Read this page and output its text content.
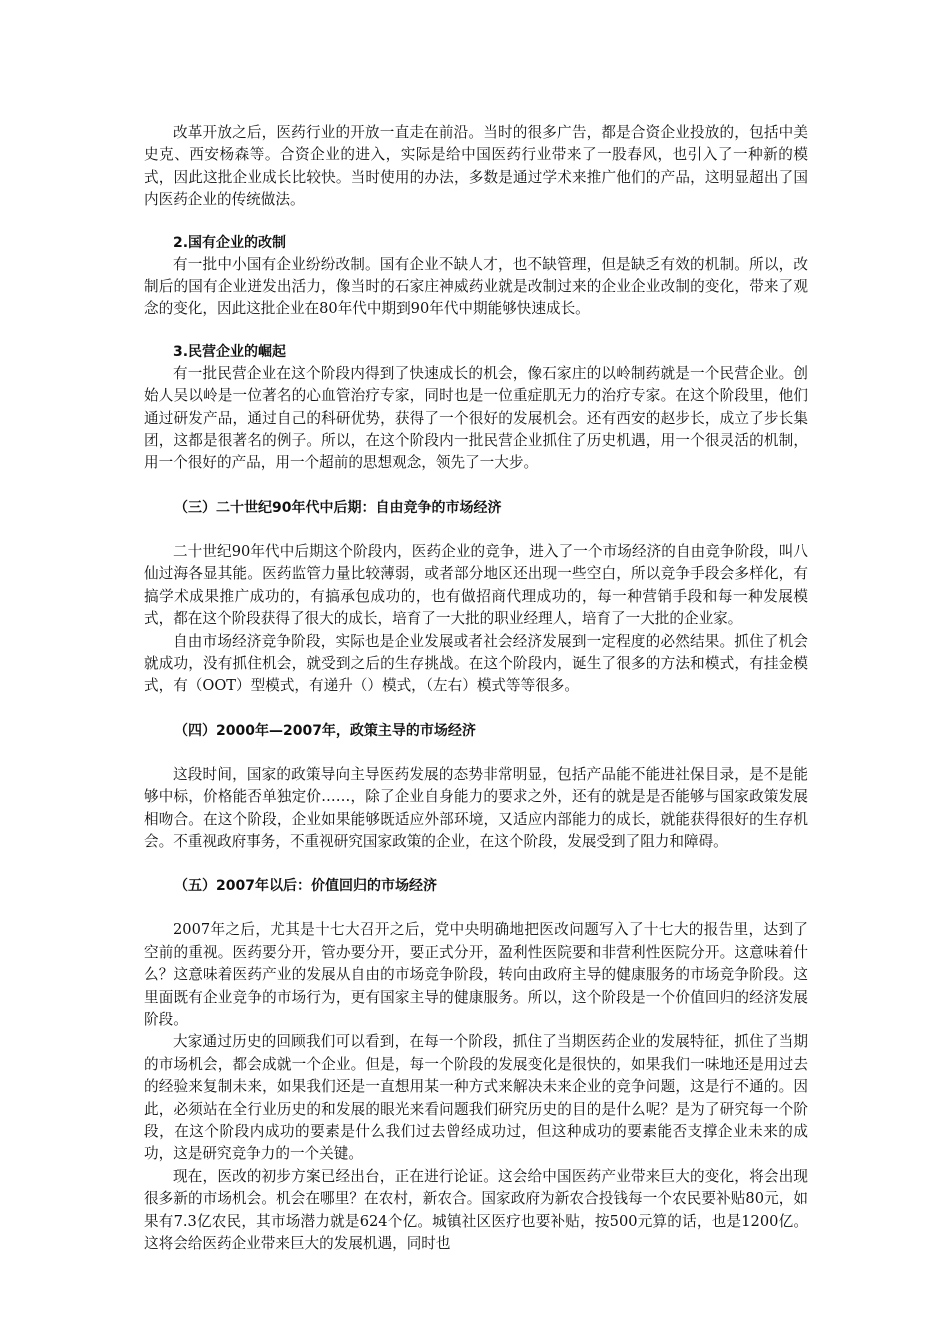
改革开放之后，医药行业的开放一直走在前沿。当时的很多广告，都是合资企业投放的，包括中美史克、西安杨森等。合资企业的进入，实际是给中国医药行业带来了一股春风，也引入了一种新的模式，因此这批企业成长比较快。当时使用的办法，多数是通过学术来推广他们的产品，这明显超出了国内医药企业的传统做法。

2.国有企业的改制

有一批中小国有企业纷纷改制。国有企业不缺人才，也不缺管理，但是缺乏有效的机制。所以，改制后的国有企业迸发出活力，像当时的石家庄神威药业就是改制过来的企业企业改制的变化，带来了观念的变化，因此这批企业在80年代中期到90年代中期能够快速成长。

3.民营企业的崛起

有一批民营企业在这个阶段内得到了快速成长的机会，像石家庄的以岭制药就是一个民营企业。创始人吴以岭是一位著名的心血管治疗专家，同时也是一位重症肌无力的治疗专家。在这个阶段里，他们通过研发产品，通过自己的科研优势，获得了一个很好的发展机会。还有西安的赵步长，成立了步长集团，这都是很著名的例子。所以，在这个阶段内一批民营企业抓住了历史机遇，用一个很灵活的机制，用一个很好的产品，用一个超前的思想观念，领先了一大步。

（三）二十世纪90年代中后期：自由竞争的市场经济

二十世纪90年代中后期这个阶段内，医药企业的竞争，进入了一个市场经济的自由竞争阶段，叫八仙过海各显其能。医药监管力量比较薄弱，或者部分地区还出现一些空白，所以竞争手段会多样化，有搞学术成果推广成功的，有搞承包成功的，也有做招商代理成功的，每一种营销手段和每一种发展模式，都在这个阶段获得了很大的成长，培育了一大批的职业经理人，培育了一大批的企业家。

自由市场经济竞争阶段，实际也是企业发展或者社会经济发展到一定程度的必然结果。抓住了机会就成功，没有抓住机会，就受到之后的生存挑战。在这个阶段内，诞生了很多的方法和模式，有挂金模式，有（OOT）型模式，有递升（）模式，（左右）模式等等很多。

（四）2000年—2007年，政策主导的市场经济

这段时间，国家的政策导向主导医药发展的态势非常明显，包括产品能不能进社保目录，是不是能够中标，价格能否单独定价……，除了企业自身能力的要求之外，还有的就是是否能够与国家政策发展相吻合。在这个阶段，企业如果能够既适应外部环境，又适应内部能力的成长，就能获得很好的生存机会。不重视政府事务，不重视研究国家政策的企业，在这个阶段，发展受到了阻力和障碍。

（五）2007年以后：价值回归的市场经济

2007年之后，尤其是十七大召开之后，党中央明确地把医改问题写入了十七大的报告里，达到了空前的重视。医药要分开，管办要分开，要正式分开，盈利性医院要和非营利性医院分开。这意味着什么？这意味着医药产业的发展从自由的市场竞争阶段，转向由政府主导的健康服务的市场竞争阶段。这里面既有企业竞争的市场行为，更有国家主导的健康服务。所以，这个阶段是一个价值回归的经济发展阶段。

大家通过历史的回顾我们可以看到，在每一个阶段，抓住了当期医药企业的发展特征，抓住了当期的市场机会，都会成就一个企业。但是，每一个阶段的发展变化是很快的，如果我们一味地还是用过去的经验来复制未来，如果我们还是一直想用某一种方式来解决未来企业的竞争问题，这是行不通的。因此，必须站在全行业历史的和发展的眼光来看问题我们研究历史的目的是什么呢？是为了研究每一个阶段，在这个阶段内成功的要素是什么我们过去曾经成功过，但这种成功的要素能否支撑企业未来的成功，这是研究竞争力的一个关键。

现在，医改的初步方案已经出台，正在进行论证。这会给中国医药产业带来巨大的变化，将会出现很多新的市场机会。机会在哪里？在农村，新农合。国家政府为新农合投钱每一个农民要补贴80元，如果有7.3亿农民，其市场潜力就是624个亿。城镇社区医疗也要补贴，按500元算的话，也是1200亿。这将会给医药企业带来巨大的发展机遇，同时也
